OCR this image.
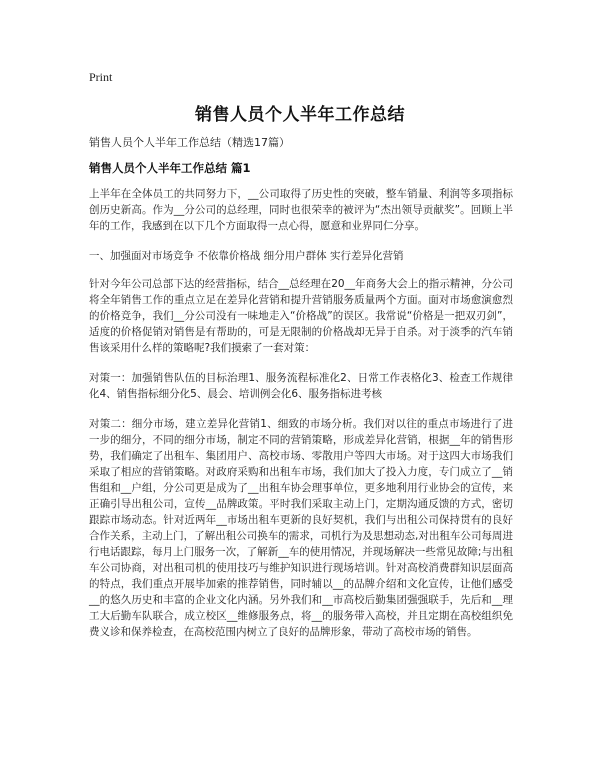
Print
销售人员个人半年工作总结
销售人员个人半年工作总结（精选17篇）
销售人员个人半年工作总结 篇1

上半年在全体员工的共同努力下，__公司取得了历史性的突破，整车销量、利润等多项指标创历史新高。作为__分公司的总经理，同时也很荣幸的被评为“杰出领导贡献奖”。回顾上半年的工作，我感到在以下几个方面取得一点心得，愿意和业界同仁分享。

一、加强面对市场竞争 不依靠价格战 细分用户群体 实行差异化营销

针对今年公司总部下达的经营指标，结合__总经理在20__年商务大会上的指示精神，分公司将全年销售工作的重点立足在差异化营销和提升营销服务质量两个方面。面对市场愈演愈烈的价格竞争，我们__分公司没有一味地走入“价格战”的误区。我常说“价格是一把双刃剑”，适度的价格促销对销售是有帮助的，可是无限制的价格战却无异于自杀。对于淡季的汽车销售该采用什么样的策略呢?我们摸索了一套对策：

对策一：加强销售队伍的目标治理1、服务流程标准化2、日常工作表格化3、检查工作规律化4、销售指标细分化5、晨会、培训例会化6、服务指标进考核

对策二：细分市场，建立差异化营销1、细致的市场分析。我们对以往的重点市场进行了进一步的细分，不同的细分市场，制定不同的营销策略，形成差异化营销，根据__年的销售形势，我们确定了出租车、集团用户、高校市场、零散用户等四大市场。对于这四大市场我们采取了相应的营销策略。对政府采购和出租车市场，我们加大了投入力度，专门成立了__销售组和__户组，分公司更是成为了__出租车协会理事单位，更多地利用行业协会的宣传，来正确引导出租公司，宣传__品牌政策。平时我们采取主动上门，定期沟通反馈的方式，密切跟踪市场动态。针对近两年__市场出租车更新的良好契机，我们与出租公司保持贯有的良好合作关系，主动上门，了解出租公司换车的需求，司机行为及思想动态,对出租车公司每周进行电话跟踪，每月上门服务一次，了解新__车的使用情况，并现场解决一些常见故障;与出租车公司协商，对出租司机的使用技巧与维护知识进行现场培训。针对高校消费群知识层面高的特点，我们重点开展毕加索的推荐销售，同时辅以__的品牌介绍和文化宣传，让他们感受__的悠久历史和丰富的企业文化内涵。另外我们和__市高校后勤集团强强联手，先后和__理工大后勤车队联合，成立校区__维修服务点，将__的服务带入高校，并且定期在高校组织免费义诊和保养检查，在高校范围内树立了良好的品牌形象，带动了高校市场的销售。
